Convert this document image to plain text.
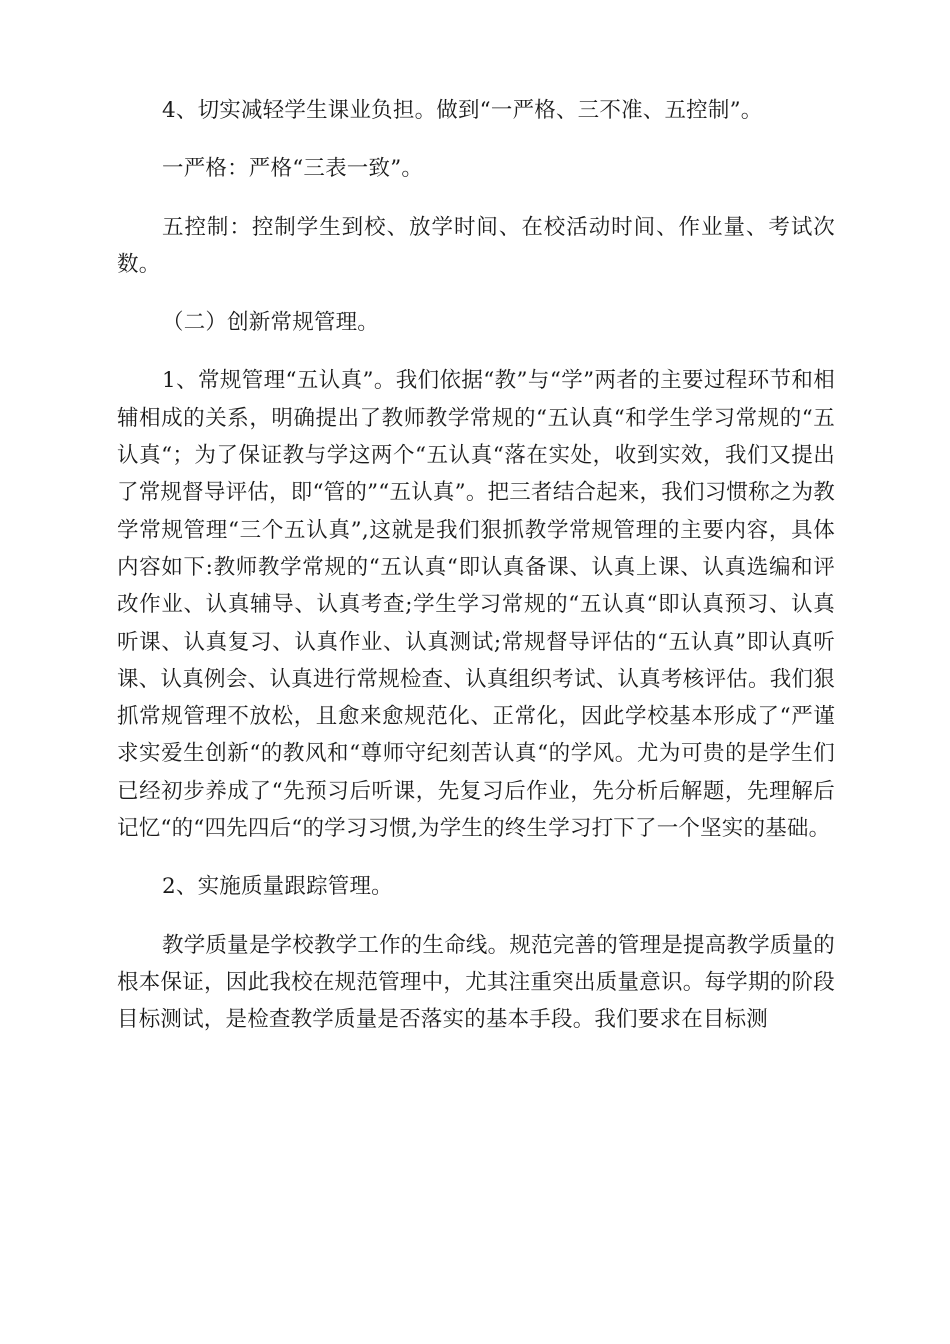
4、切实减轻学生课业负担。做到“一严格、三不准、五控制”。

一严格：严格“三表一致”。

五控制：控制学生到校、放学时间、在校活动时间、作业量、考试次数。

（二）创新常规管理。

1、常规管理“五认真”。我们依据“教”与“学”两者的主要过程环节和相辅相成的关系，明确提出了教师教学常规的“五认真“和学生学习常规的“五认真“；为了保证教与学这两个“五认真“落在实处，收到实效，我们又提出了常规督导评估，即“管的”“五认真”。把三者结合起来，我们习惯称之为教学常规管理“三个五认真”,这就是我们狠抓教学常规管理的主要内容，具体内容如下:教师教学常规的“五认真“即认真备课、认真上课、认真选编和评改作业、认真辅导、认真考查;学生学习常规的“五认真“即认真预习、认真听课、认真复习、认真作业、认真测试;常规督导评估的“五认真”即认真听课、认真例会、认真进行常规检查、认真组织考试、认真考核评估。我们狠抓常规管理不放松，且愈来愈规范化、正常化，因此学校基本形成了“严谨求实爱生创新“的教风和“尊师守纪刻苦认真“的学风。尤为可贵的是学生们已经初步养成了“先预习后听课，先复习后作业，先分析后解题，先理解后记忆“的“四先四后“的学习习惯,为学生的终生学习打下了一个坚实的基础。

2、实施质量跟踪管理。

教学质量是学校教学工作的生命线。规范完善的管理是提高教学质量的根本保证，因此我校在规范管理中，尤其注重突出质量意识。每学期的阶段目标测试，是检查教学质量是否落实的基本手段。我们要求在目标测
